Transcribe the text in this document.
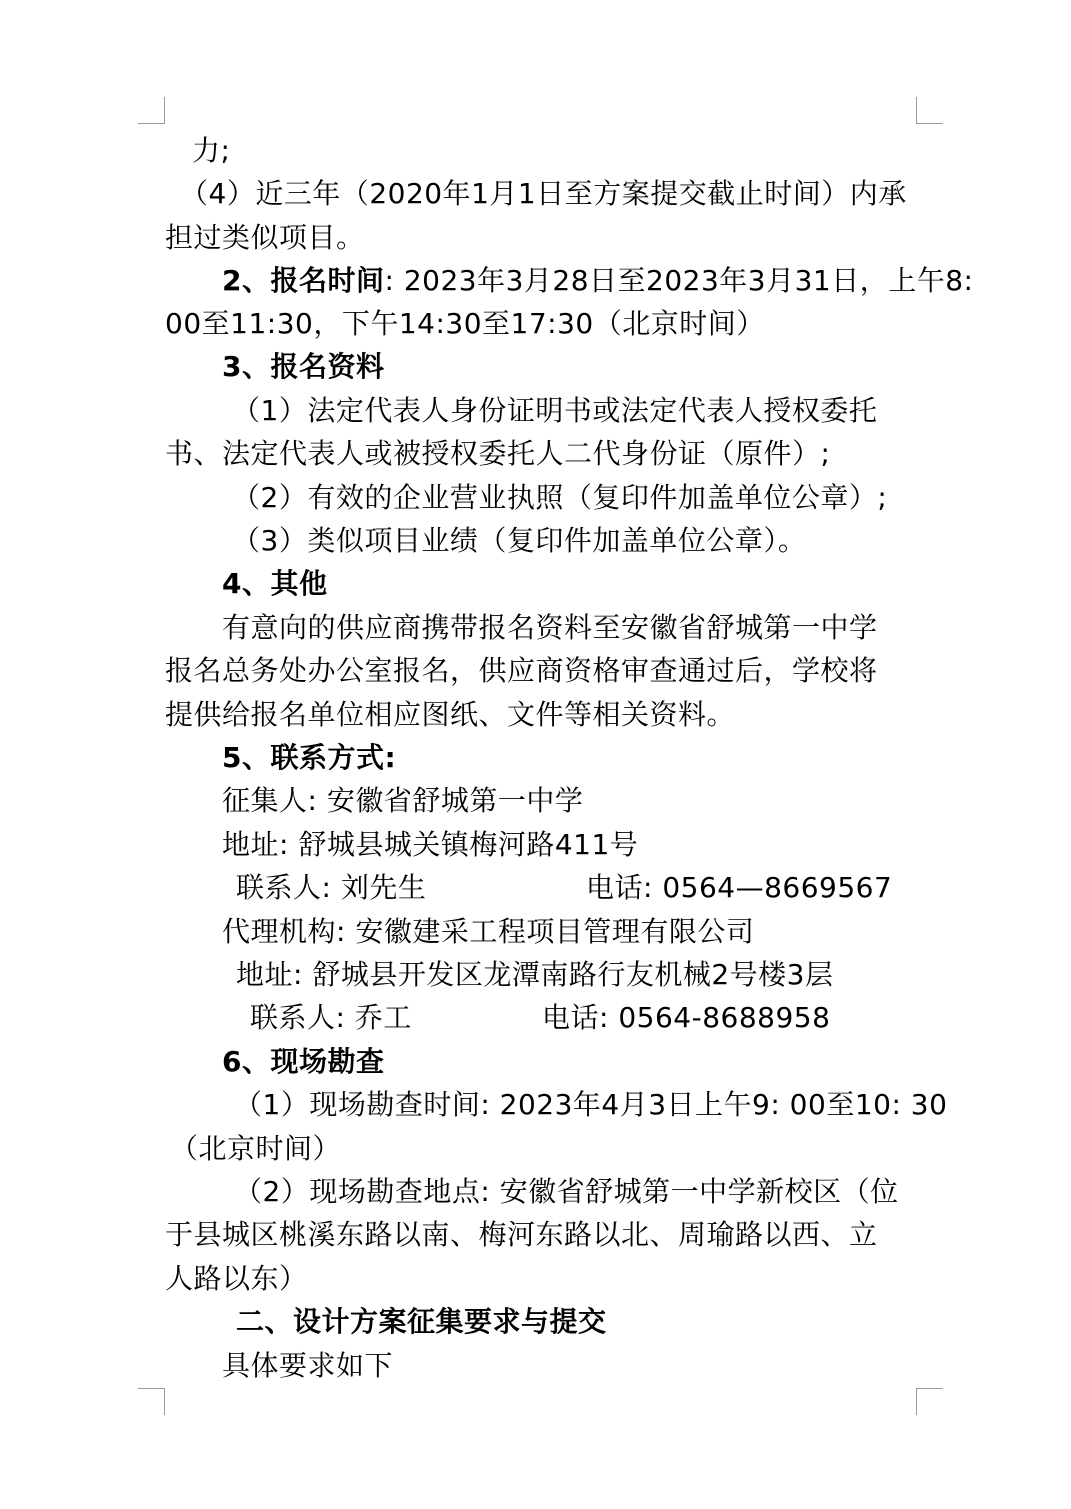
力;
（4）近三年（2020年1月1日至方案提交截止时间）内承
担过类似项目。
2、报名时间: 2023年3月28日至2023年3月31日，上午8:
00至11:30，下午14:30至17:30（北京时间）
3、报名资料
（1）法定代表人身份证明书或法定代表人授权委托
书、法定代表人或被授权委托人二代身份证（原件）;
（2）有效的企业营业执照（复印件加盖单位公章）;
（3）类似项目业绩（复印件加盖单位公章）。
4、其他
有意向的供应商携带报名资料至安徽省舒城第一中学
报名总务处办公室报名，供应商资格审查通过后，学校将
提供给报名单位相应图纸、文件等相关资料。
5、联系方式:
征集人: 安徽省舒城第一中学
地址: 舒城县城关镇梅河路411号
联系人: 刘先生	电话: 0564—8669567
代理机构: 安徽建采工程项目管理有限公司
地址: 舒城县开发区龙潭南路行友机械2号楼3层
联系人: 乔工	电话: 0564-8688958
6、现场勘查
（1）现场勘查时间: 2023年4月3日上午9: 00至10: 30
（北京时间）
（2）现场勘查地点: 安徽省舒城第一中学新校区（位
于县城区桃溪东路以南、梅河东路以北、周瑜路以西、立
人路以东）
二、设计方案征集要求与提交
具体要求如下
